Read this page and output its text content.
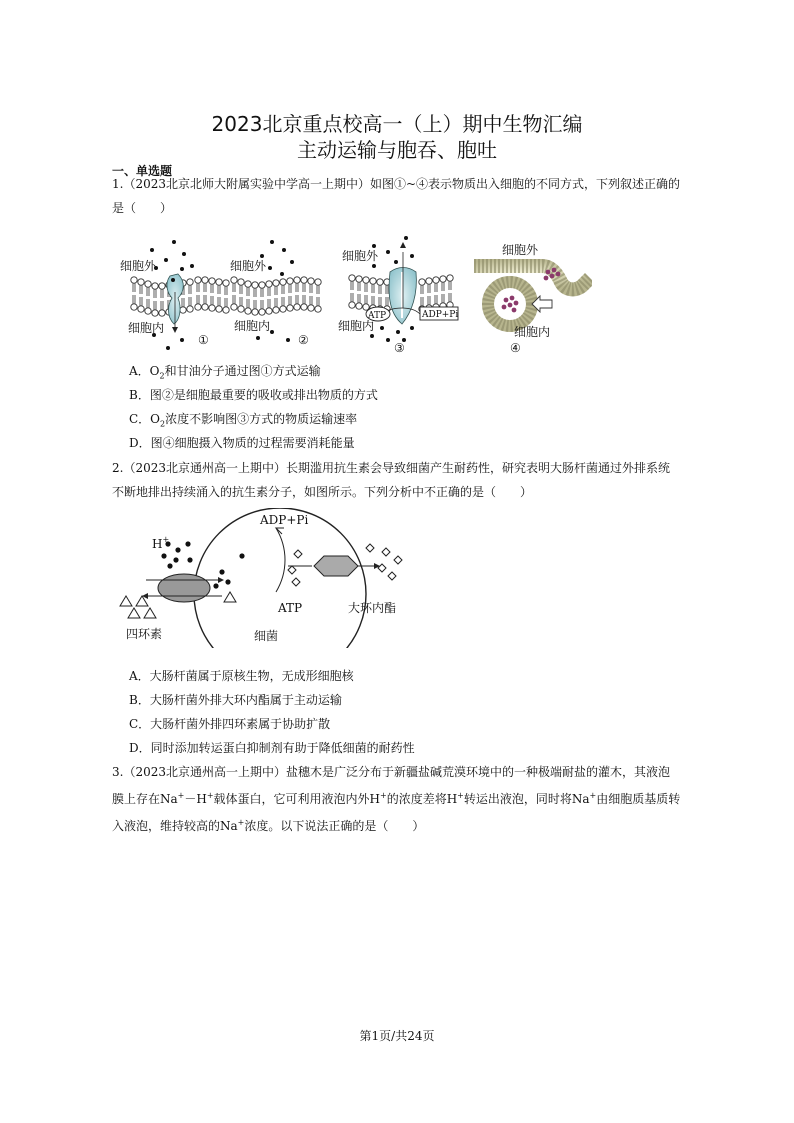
2023北京重点校高一（上）期中生物汇编
主动运输与胞吞、胞吐
一、单选题
1.（2023北京北师大附属实验中学高一上期中）如图①~④表示物质出入细胞的不同方式，下列叙述正确的
是（　　）
细胞外
细胞内
①
细胞外
细胞内
②
细胞外
细胞内
ATP	ADP+Pi
③
细胞外
细胞内
④
A．$O_2$和甘油分子通过图①方式运输
B．图②是细胞最重要的吸收或排出物质的方式
C．$O_2$浓度不影响图③方式的物质运输速率
D．图④细胞摄入物质的过程需要消耗能量
2.（2023北京通州高一上期中）长期滥用抗生素会导致细菌产生耐药性，研究表明大肠杆菌通过外排系统
不断地排出持续涌入的抗生素分子，如图所示。下列分析中不正确的是（　　）
H+
ADP+Pi
ATP	大环内酯
四环素	细菌
A．大肠杆菌属于原核生物，无成形细胞核
B．大肠杆菌外排大环内酯属于主动运输
C．大肠杆菌外排四环素属于协助扩散
D．同时添加转运蛋白抑制剂有助于降低细菌的耐药性
3.（2023北京通州高一上期中）盐穗木是广泛分布于新疆盐碱荒漠环境中的一种极端耐盐的灌木，其液泡
膜上存在Na+－H+载体蛋白，它可利用液泡内外H+的浓度差将H+转运出液泡，同时将Na+由细胞质基质转
入液泡，维持较高的Na+浓度。以下说法正确的是（　　）
第1页/共24页
